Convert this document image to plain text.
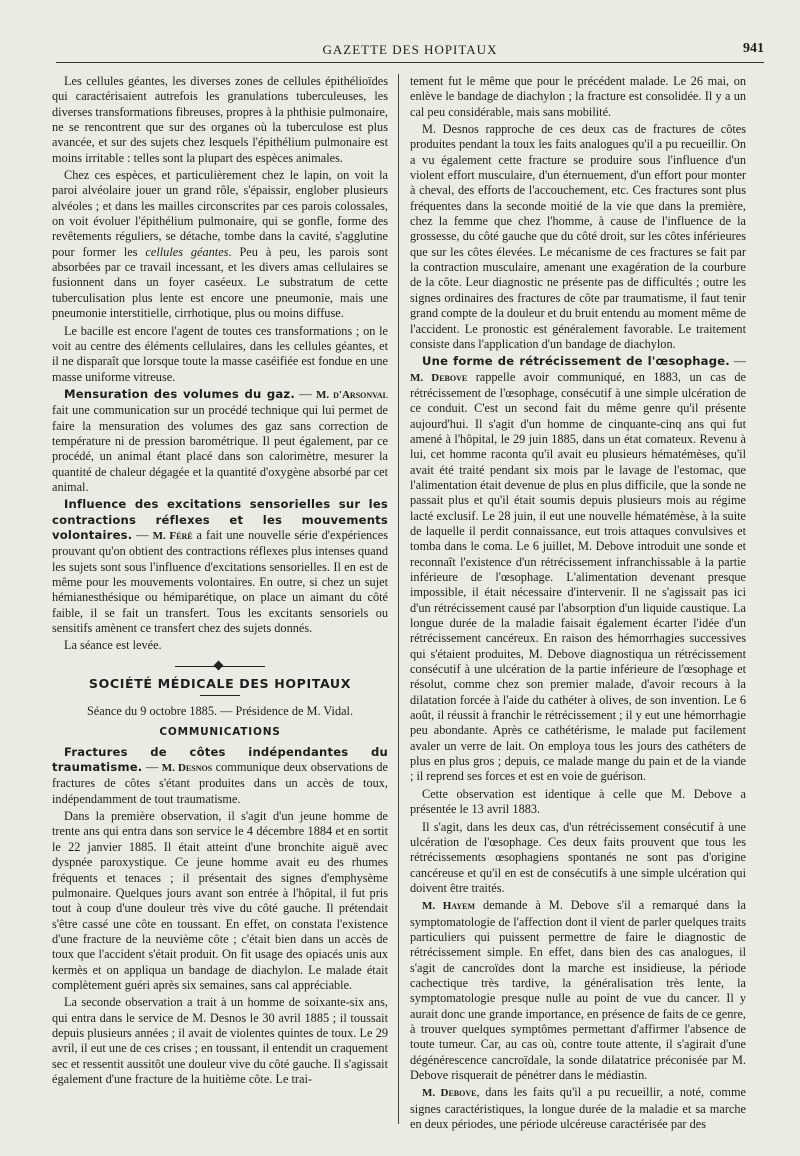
GAZETTE DES HOPITAUX	941

Les cellules géantes, les diverses zones de cellules épithélioïdes qui caractérisaient autrefois les granulations tuberculeuses, les diverses transformations fibreuses, propres à la phthisie pulmonaire, ne se rencontrent que sur des organes où la tuberculose est plus avancée, et sur des sujets chez lesquels l'épithélium pulmonaire est moins irritable : telles sont la plupart des espèces animales.

Chez ces espèces, et particulièrement chez le lapin, on voit la paroi alvéolaire jouer un grand rôle, s'épaissir, englober plusieurs alvéoles ; et dans les mailles circonscrites par ces parois colossales, on voit évoluer l'épithélium pulmonaire, qui se gonfle, forme des revêtements réguliers, se détache, tombe dans la cavité, s'agglutine pour former les cellules géantes. Peu à peu, les parois sont absorbées par ce travail incessant, et les divers amas cellulaires se fusionnent dans un foyer caséeux. Le substratum de cette tuberculisation plus lente est encore une pneumonie, mais une pneumonie interstitielle, cirrhotique, plus ou moins diffuse.

Le bacille est encore l'agent de toutes ces transformations ; on le voit au centre des éléments cellulaires, dans les cellules géantes, et il ne disparaît que lorsque toute la masse caséifiée est fondue en une masse uniforme vitreuse.

Mensuration des volumes du gaz. — M. d'Arsonval fait une communication sur un procédé technique qui lui permet de faire la mensuration des volumes des gaz sans correction de température ni de pression barométrique. Il peut également, par ce procédé, un animal étant placé dans son calorimètre, mesurer la quantité de chaleur dégagée et la quantité d'oxygène absorbé par cet animal.

Influence des excitations sensorielles sur les contractions réflexes et les mouvements volontaires. — M. Féré a fait une nouvelle série d'expériences prouvant qu'on obtient des contractions réflexes plus intenses quand les sujets sont sous l'influence d'excitations sensorielles. Il en est de même pour les mouvements volontaires. En outre, si chez un sujet hémianesthésique ou hémiparétique, on place un aimant du côté faible, il se fait un transfert. Tous les excitants sensoriels ou sensitifs amènent ce transfert chez des sujets donnés.

La séance est levée.

SOCIÉTÉ MÉDICALE DES HOPITAUX
Séance du 9 octobre 1885. — Présidence de M. Vidal.
COMMUNICATIONS

Fractures de côtes indépendantes du traumatisme. — M. Desnos communique deux observations de fractures de côtes s'étant produites dans un accès de toux, indépendamment de tout traumatisme.

Dans la première observation, il s'agit d'un jeune homme de trente ans qui entra dans son service le 4 décembre 1884 et en sortit le 22 janvier 1885. Il était atteint d'une bronchite aiguë avec dyspnée paroxystique. Ce jeune homme avait eu des rhumes fréquents et tenaces ; il présentait des signes d'emphysème pulmonaire. Quelques jours avant son entrée à l'hôpital, il fut pris tout à coup d'une douleur très vive du côté gauche. Il prétendait s'être cassé une côte en toussant. En effet, on constata l'existence d'une fracture de la neuvième côte ; c'était bien dans un accès de toux que l'accident s'était produit. On fit usage des opiacés unis aux kermès et on appliqua un bandage de diachylon. Le malade était complètement guéri après six semaines, sans cal appréciable.

La seconde observation a trait à un homme de soixante-six ans, qui entra dans le service de M. Desnos le 30 avril 1885 ; il toussait depuis plusieurs années ; il avait de violentes quintes de toux. Le 29 avril, il eut une de ces crises ; en toussant, il entendit un craquement sec et ressentit aussitôt une douleur vive du côté gauche. Il s'agissait également d'une fracture de la huitième côte. Le trai-

tement fut le même que pour le précédent malade. Le 26 mai, on enlève le bandage de diachylon ; la fracture est consolidée. Il y a un cal peu considérable, mais sans mobilité.

M. Desnos rapproche de ces deux cas de fractures de côtes produites pendant la toux les faits analogues qu'il a pu recueillir. On a vu également cette fracture se produire sous l'influence d'un violent effort musculaire, d'un éternuement, d'un effort pour monter à cheval, des efforts de l'accouchement, etc. Ces fractures sont plus fréquentes dans la seconde moitié de la vie que dans la première, chez la femme que chez l'homme, à cause de l'influence de la grossesse, du côté gauche que du côté droit, sur les côtes inférieures que sur les côtes élevées. Le mécanisme de ces fractures se fait par la contraction musculaire, amenant une exagération de la courbure de la côte. Leur diagnostic ne présente pas de difficultés ; outre les signes ordinaires des fractures de côte par traumatisme, il faut tenir grand compte de la douleur et du bruit entendu au moment même de l'accident. Le pronostic est généralement favorable. Le traitement consiste dans l'application d'un bandage de diachylon.

Une forme de rétrécissement de l'œsophage. — M. Debove rappelle avoir communiqué, en 1883, un cas de rétrécissement de l'œsophage, consécutif à une simple ulcération de ce conduit. C'est un second fait du même genre qu'il présente aujourd'hui. Il s'agit d'un homme de cinquante-cinq ans qui fut amené à l'hôpital, le 29 juin 1885, dans un état comateux. Revenu à lui, cet homme raconta qu'il avait eu plusieurs hématémèses, qu'il avait été traité pendant six mois par le lavage de l'estomac, que l'alimentation était devenue de plus en plus difficile, que la sonde ne passait plus et qu'il était soumis depuis plusieurs mois au régime lacté exclusif. Le 28 juin, il eut une nouvelle hématémèse, à la suite de laquelle il perdit connaissance, eut trois attaques convulsives et tomba dans le coma. Le 6 juillet, M. Debove introduit une sonde et reconnaît l'existence d'un rétrécissement infranchissable à la partie inférieure de l'œsophage. L'alimentation devenant presque impossible, il était nécessaire d'intervenir. Il ne s'agissait pas ici d'un rétrécissement causé par l'absorption d'un liquide caustique. La longue durée de la maladie faisait également écarter l'idée d'un rétrécissement cancéreux. En raison des hémorrhagies successives qui s'étaient produites, M. Debove diagnostiqua un rétrécissement consécutif à une ulcération de la partie inférieure de l'œsophage et résolut, comme chez son premier malade, d'avoir recours à la dilatation forcée à l'aide du cathéter à olives, de son invention. Le 6 août, il réussit à franchir le rétrécissement ; il y eut une hémorrhagie peu abondante. Après ce cathétérisme, le malade put facilement avaler un verre de lait. On employa tous les jours des cathéters de plus en plus gros ; depuis, ce malade mange du pain et de la viande ; il reprend ses forces et est en voie de guérison.

Cette observation est identique à celle que M. Debove a présentée le 13 avril 1883.

Il s'agit, dans les deux cas, d'un rétrécissement consécutif à une ulcération de l'œsophage. Ces deux faits prouvent que tous les rétrécissements œsophagiens spontanés ne sont pas d'origine cancéreuse et qu'il en est de consécutifs à une simple ulcération qui doivent être traités.

M. Hayem demande à M. Debove s'il a remarqué dans la symptomatologie de l'affection dont il vient de parler quelques traits particuliers qui puissent permettre de faire le diagnostic de rétrécissement simple. En effet, dans bien des cas analogues, il s'agit de cancroïdes dont la marche est insidieuse, la période cachectique très tardive, la généralisation très lente, la symptomatologie presque nulle au point de vue du cancer. Il y aurait donc une grande importance, en présence de faits de ce genre, à trouver quelques symptômes permettant d'affirmer l'absence de toute tumeur. Car, au cas où, contre toute attente, il s'agirait d'une dégénérescence cancroïdale, la sonde dilatatrice préconisée par M. Debove risquerait de pénétrer dans le médiastin.

M. Debove, dans les faits qu'il a pu recueillir, a noté, comme signes caractéristiques, la longue durée de la maladie et sa marche en deux périodes, une période ulcéreuse caractérisée par des
